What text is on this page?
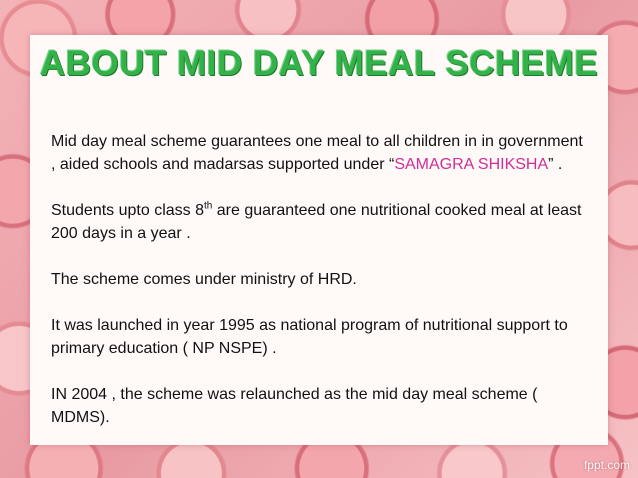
ABOUT MID DAY MEAL SCHEME

Mid day meal scheme guarantees one meal to all children in in government , aided schools and madarsas supported under “SAMAGRA SHIKSHA” .

Students upto class 8th are guaranteed one nutritional cooked meal at least 200 days in a year .

The scheme comes under ministry of HRD.

It was launched in year 1995 as national program of nutritional support to primary education ( NP NSPE) .

IN 2004 , the scheme was relaunched as the mid day meal scheme ( MDMS).

fppt.com
